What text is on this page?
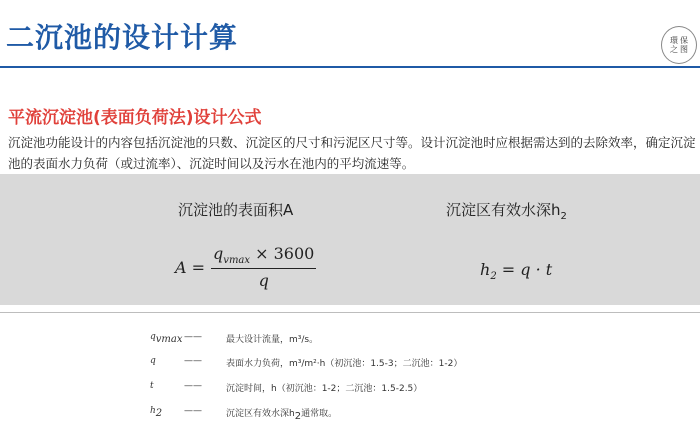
二沉池的设计计算	環 保
之 图
平流沉淀池(表面负荷法)设计公式
沉淀池功能设计的内容包括沉淀池的只数、沉淀区的尺寸和污泥区尺寸等。设计沉淀池时应根据需达到的去除效率，确定沉淀池的表面水力负荷（或过流率）、沉淀时间以及污水在池内的平均流速等。
沉淀池的表面积A	沉淀区有效水深$h_2$
$A = \frac{q_{vmax} \times 3600}{q}$	$h_2 = q \cdot t$
$q_{vmax}$ ——	最大设计流量，m³/s。
q	——	表面水力负荷，m³/m²·h（初沉池：1.5-3；二沉池：1-2）
t	——	沉淀时间，h（初沉池：1-2；二沉池：1.5-2.5）
$h_2$ ——	沉淀区有效水深$h_2$通常取。
